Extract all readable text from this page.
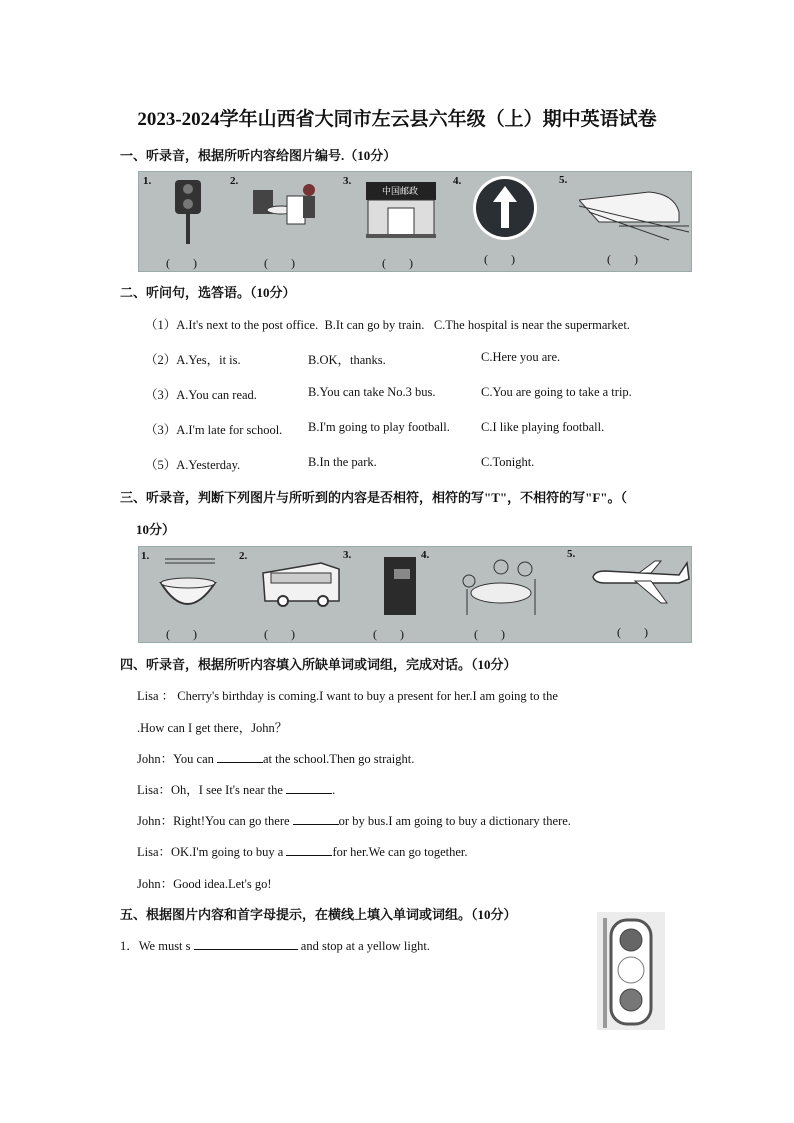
2023-2024学年山西省大同市左云县六年级（上）期中英语试卷
一、听录音，根据所听内容给图片编号.（10分）
1.
( )
2.
( )
3.
中国邮政
( )
4.
( )
5.
( )
二、听问句，选答语。（10分）
（1）A.It's next to the post office. B.It can go by train. C.The hospital is near the supermarket.
（2）A.Yes，it is.	B.OK，thanks.	C.Here you are.
（3）A.You can read.	B.You can take No.3 bus.	C.You are going to take a trip.
（3）A.I'm late for school. B.I'm going to play football. C.I like playing football.
（5）A.Yesterday.	B.In the park.	C.Tonight.
三、听录音，判断下列图片与所听到的内容是否相符，相符的写"T"，不相符的写"F"。（
10分）
1.
( )
2.
( )
3.
( )
4.
( )
5.
( )
四、听录音，根据所听内容填入所缺单词或词组，完成对话。（10分）
Lisa ： Cherry's birthday is coming.I want to buy a present for her.I am going to the
.How can I get there，John？
John：You can	at the school.Then go straight.
Lisa：Oh，I see It's near the	.
John：Right!You can go there	or by bus.I am going to buy a dictionary there.
Lisa：OK.I'm going to buy a	for her.We can go together.
John：Good idea.Let's go!
五、根据图片内容和首字母提示，在横线上填入单词或词组。（10分）
1．We must s	and stop at a yellow light.
